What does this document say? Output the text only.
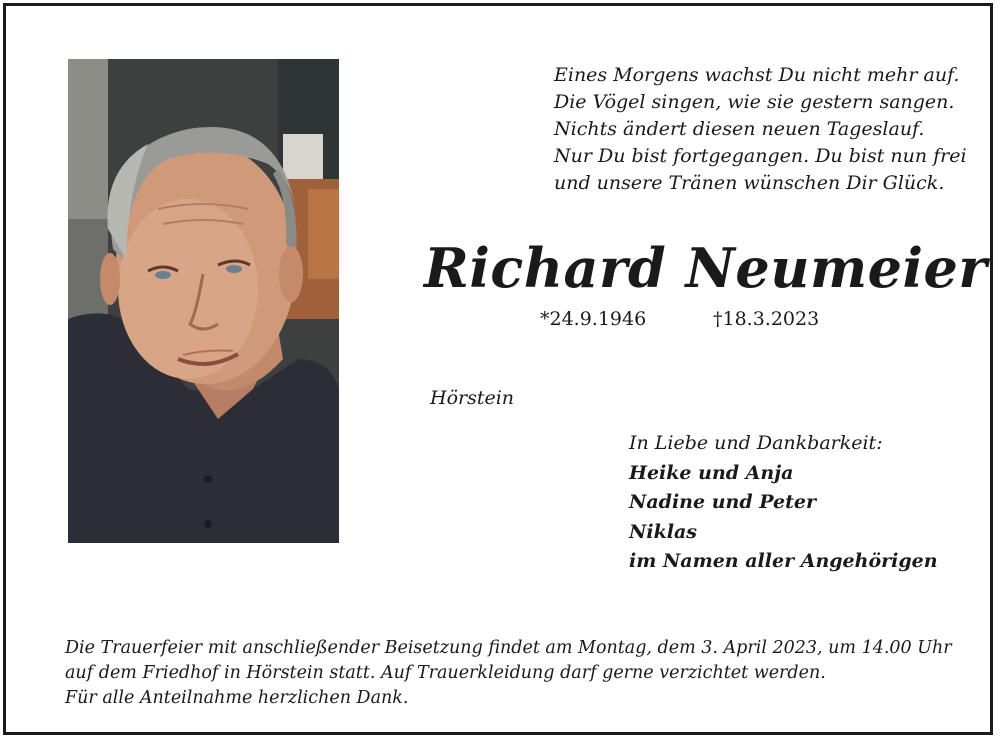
Eines Morgens wachst Du nicht mehr auf.
Die Vögel singen, wie sie gestern sangen.
Nichts ändert diesen neuen Tageslauf.
Nur Du bist fortgegangen. Du bist nun frei
und unsere Tränen wünschen Dir Glück.
Richard Neumeier
*24.9.1946	†18.3.2023
Hörstein
In Liebe und Dankbarkeit:
Heike und Anja
Nadine und Peter
Niklas
im Namen aller Angehörigen
Die Trauerfeier mit anschließender Beisetzung findet am Montag, dem 3. April 2023, um 14.00 Uhr
auf dem Friedhof in Hörstein statt. Auf Trauerkleidung darf gerne verzichtet werden.
Für alle Anteilnahme herzlichen Dank.
